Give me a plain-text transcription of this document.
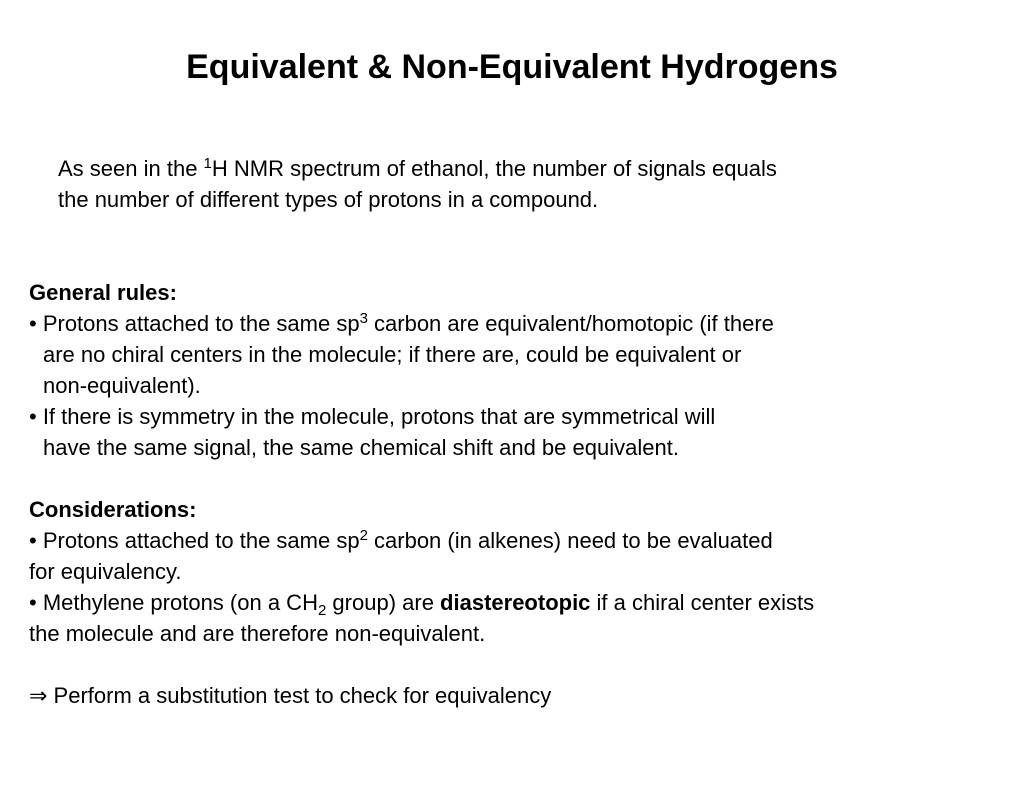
Equivalent & Non-Equivalent Hydrogens
As seen in the $^1$H NMR spectrum of ethanol, the number of signals equals
the number of different types of protons in a compound.
General rules:
• Protons attached to the same $sp^3$ carbon are equivalent/homotopic (if there
are no chiral centers in the molecule; if there are, could be equivalent or
non-equivalent).
• If there is symmetry in the molecule, protons that are symmetrical will
have the same signal, the same chemical shift and be equivalent.
Considerations:
• Protons attached to the same $sp^2$ carbon (in alkenes) need to be evaluated
for equivalency.
• Methylene protons (on a $CH_2$ group) are diastereotopic if a chiral center exists
the molecule and are therefore non-equivalent.
⇒ Perform a substitution test to check for equivalency
